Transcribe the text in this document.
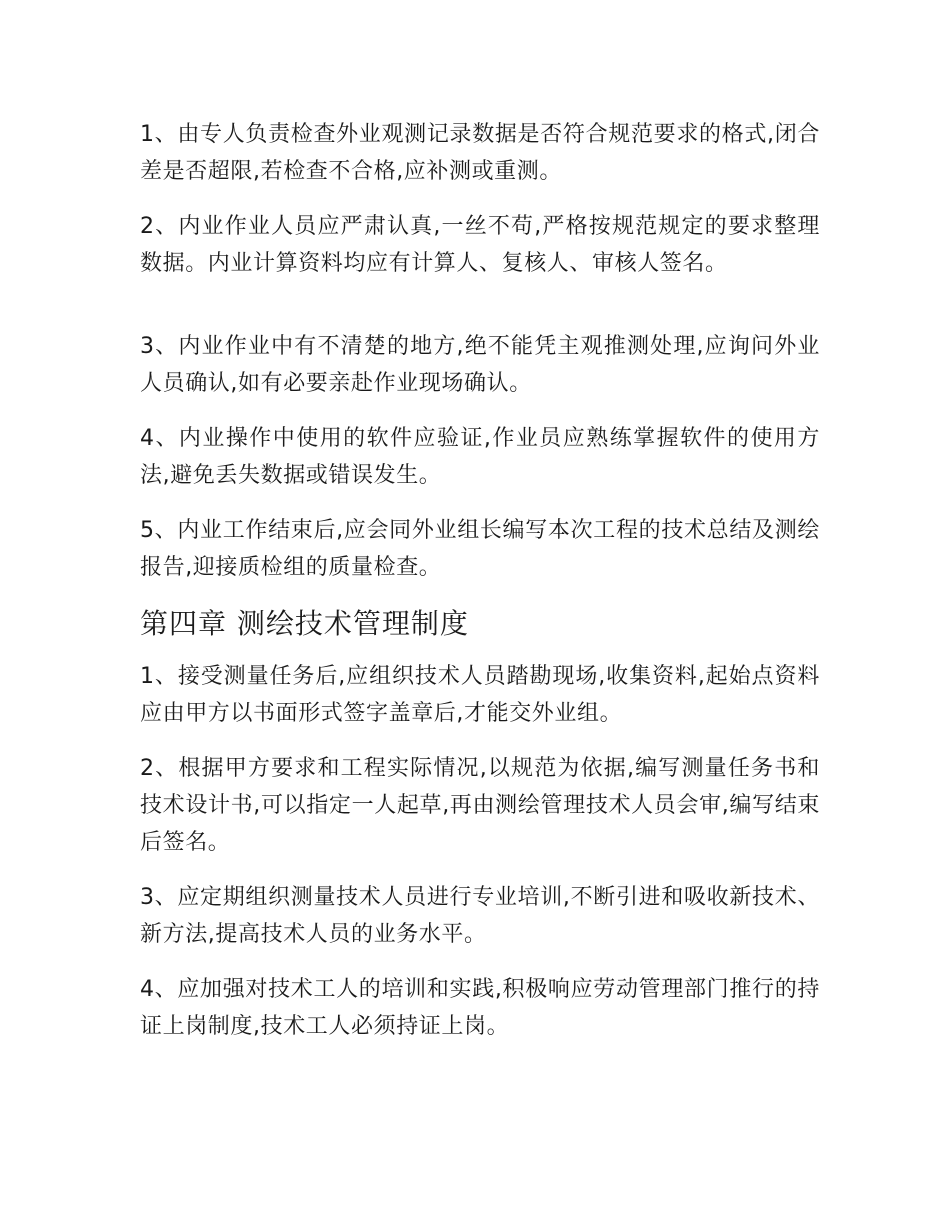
1、由专人负责检查外业观测记录数据是否符合规范要求的格式,闭合差是否超限,若检查不合格,应补测或重测。

2、内业作业人员应严肃认真,一丝不苟,严格按规范规定的要求整理数据。内业计算资料均应有计算人、复核人、审核人签名。

3、内业作业中有不清楚的地方,绝不能凭主观推测处理,应询问外业人员确认,如有必要亲赴作业现场确认。

4、内业操作中使用的软件应验证,作业员应熟练掌握软件的使用方法,避免丢失数据或错误发生。

5、内业工作结束后,应会同外业组长编写本次工程的技术总结及测绘报告,迎接质检组的质量检查。

第四章 测绘技术管理制度

1、接受测量任务后,应组织技术人员踏勘现场,收集资料,起始点资料应由甲方以书面形式签字盖章后,才能交外业组。

2、根据甲方要求和工程实际情况,以规范为依据,编写测量任务书和技术设计书,可以指定一人起草,再由测绘管理技术人员会审,编写结束后签名。

3、应定期组织测量技术人员进行专业培训,不断引进和吸收新技术、新方法,提高技术人员的业务水平。

4、应加强对技术工人的培训和实践,积极响应劳动管理部门推行的持证上岗制度,技术工人必须持证上岗。
